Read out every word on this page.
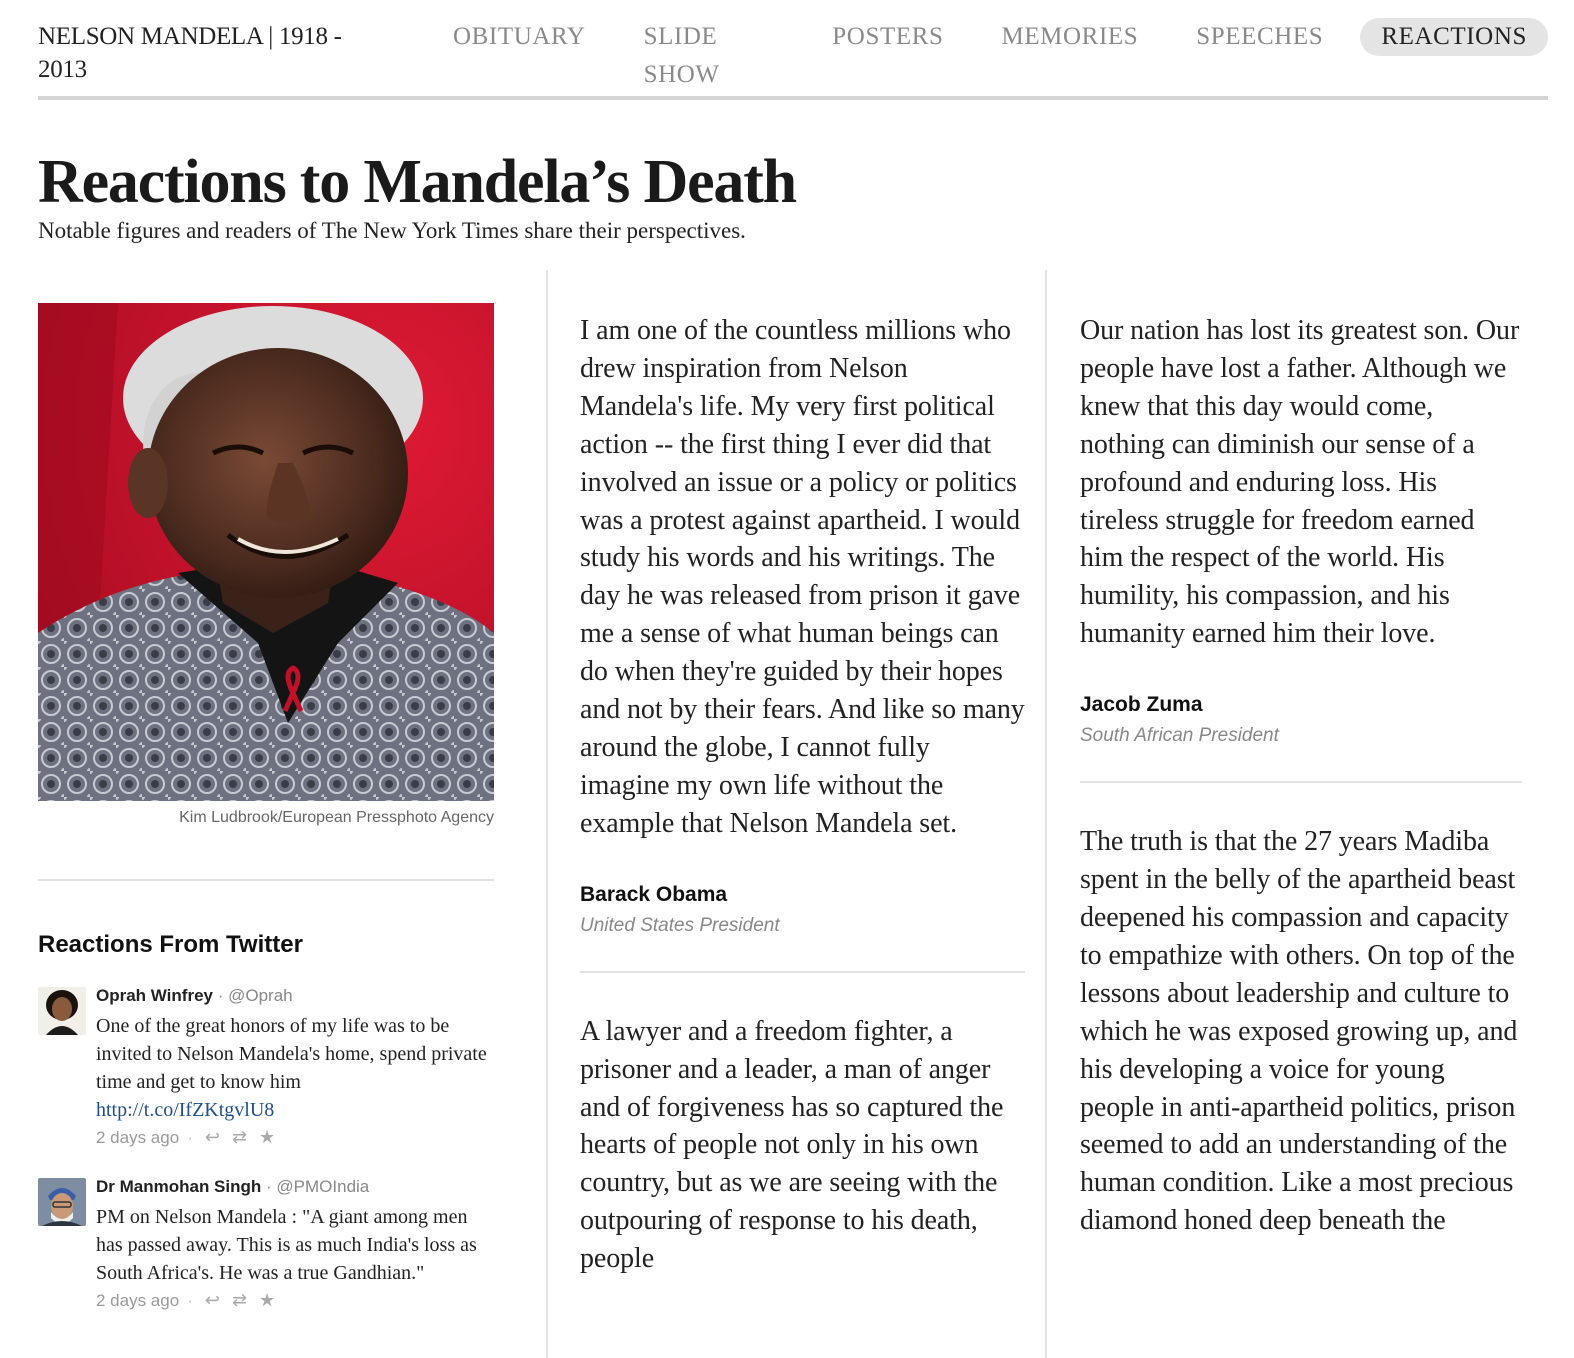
NELSON MANDELA | 1918 - 2013
OBITUARY	SLIDE SHOW
POSTERS	MEMORIES	SPEECHES	REACTIONS
Reactions to Mandela’s Death

Notable figures and readers of The New York Times share their perspectives.

Kim Ludbrook/European Pressphoto Agency
Reactions From Twitter
Oprah Winfrey · @Oprah
One of the great honors of my life was to be invited to Nelson Mandela's home, spend private time and get to know him
http://t.co/IfZKtgvlU8
2 days ago · ↩ ⇄ ★
Dr Manmohan Singh · @PMOIndia
PM on Nelson Mandela : "A giant among men has passed away. This is as much India's loss as South Africa's. He was a true Gandhian."
2 days ago · ↩ ⇄ ★

I am one of the countless millions who drew inspiration from Nelson Mandela's life. My very first political action -- the first thing I ever did that involved an issue or a policy or politics was a protest against apartheid. I would study his words and his writings. The day he was released from prison it gave me a sense of what human beings can do when they're guided by their hopes and not by their fears. And like so many around the globe, I cannot fully imagine my own life without the example that Nelson Mandela set.

Barack Obama
United States President

A lawyer and a freedom fighter, a prisoner and a leader, a man of anger and of forgiveness has so captured the hearts of people not only in his own country, but as we are seeing with the outpouring of response to his death, people

Our nation has lost its greatest son. Our people have lost a father. Although we knew that this day would come, nothing can diminish our sense of a profound and enduring loss. His tireless struggle for freedom earned him the respect of the world. His humility, his compassion, and his humanity earned him their love.

Jacob Zuma
South African President

The truth is that the 27 years Madiba spent in the belly of the apartheid beast deepened his compassion and capacity to empathize with others. On top of the lessons about leadership and culture to which he was exposed growing up, and his developing a voice for young people in anti-apartheid politics, prison seemed to add an understanding of the human condition. Like a most precious diamond honed deep beneath the
